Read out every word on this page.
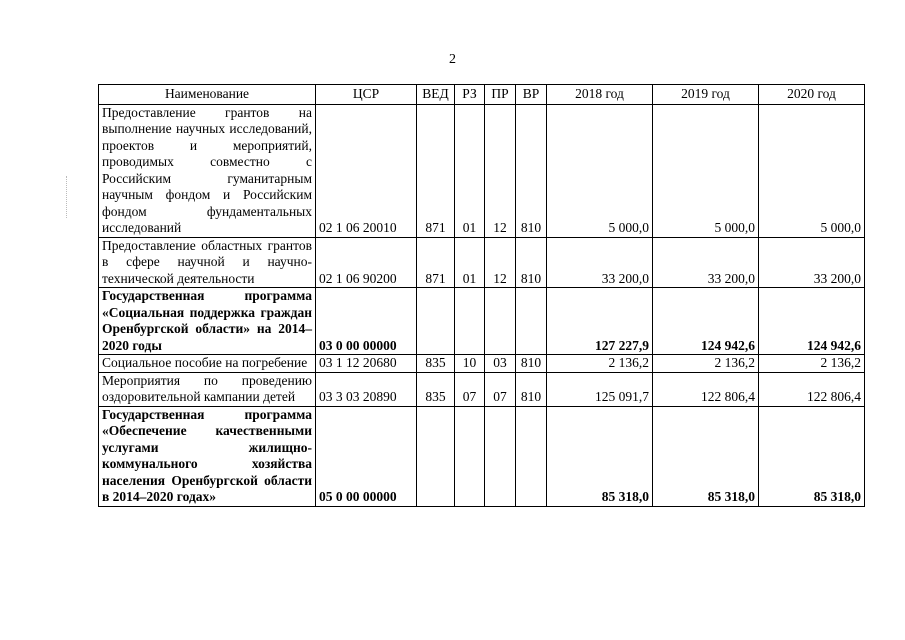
2
Наименование	ЦСР	ВЕД	РЗ	ПР	ВР	2018 год	2019 год	2020 год
Предоставление грантов на выполнение научных исследований, проектов и мероприятий, проводимых совместно с Российским гуманитарным научным фондом и Российским фондом фундаментальных исследований	02 1 06 20010	871	01	12	810	5 000,0	5 000,0	5 000,0
Предоставление областных грантов в сфере научной и научно-технической деятельности	02 1 06 90200	871	01	12	810	33 200,0	33 200,0	33 200,0
Государственная программа «Социальная поддержка граждан Оренбургской области» на 2014–2020 годы	03 0 00 00000					127 227,9	124 942,6	124 942,6
Социальное пособие на погребение	03 1 12 20680	835	10	03	810	2 136,2	2 136,2	2 136,2
Мероприятия по проведению оздоровительной кампании детей	03 3 03 20890	835	07	07	810	125 091,7	122 806,4	122 806,4
Государственная программа «Обеспечение качественными услугами жилищно-коммунального хозяйства населения Оренбургской области в 2014–2020 годах»	05 0 00 00000					85 318,0	85 318,0	85 318,0
